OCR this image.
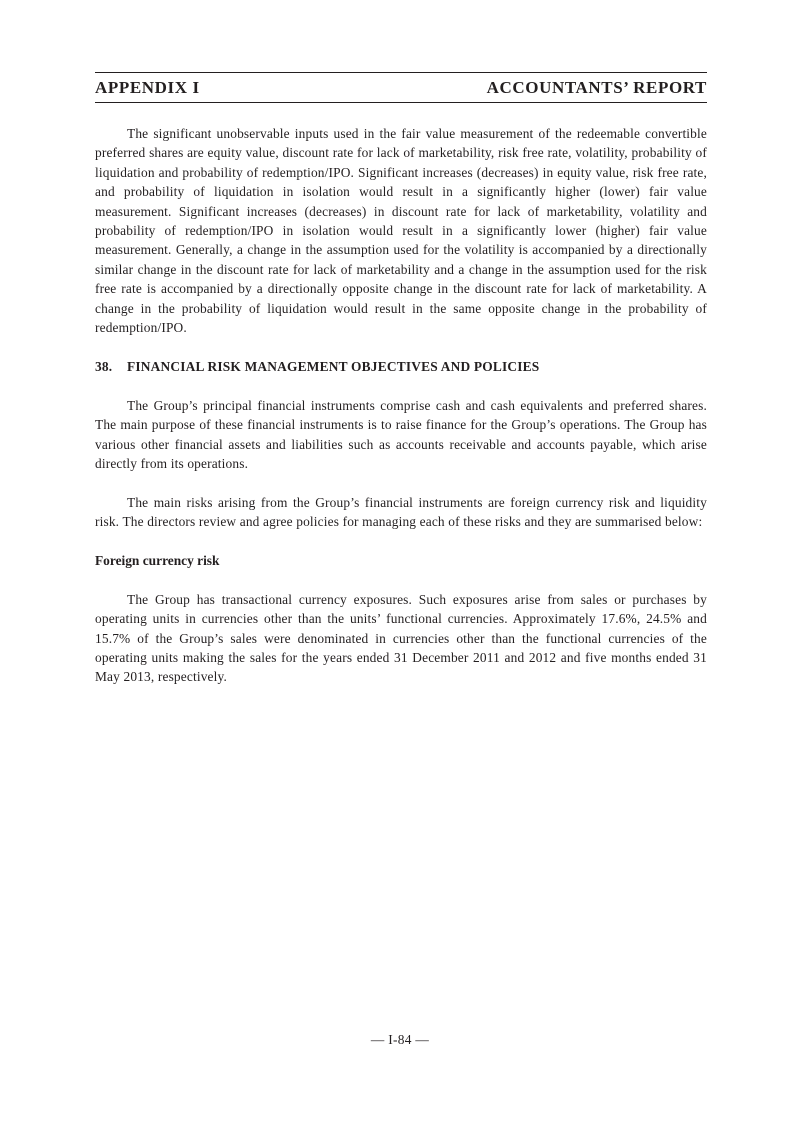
APPENDIX I	ACCOUNTANTS’ REPORT

The significant unobservable inputs used in the fair value measurement of the redeemable convertible preferred shares are equity value, discount rate for lack of marketability, risk free rate, volatility, probability of liquidation and probability of redemption/IPO. Significant increases (decreases) in equity value, risk free rate, and probability of liquidation in isolation would result in a significantly higher (lower) fair value measurement. Significant increases (decreases) in discount rate for lack of marketability, volatility and probability of redemption/IPO in isolation would result in a significantly lower (higher) fair value measurement. Generally, a change in the assumption used for the volatility is accompanied by a directionally similar change in the discount rate for lack of marketability and a change in the assumption used for the risk free rate is accompanied by a directionally opposite change in the discount rate for lack of marketability. A change in the probability of liquidation would result in the same opposite change in the probability of redemption/IPO.

38. FINANCIAL RISK MANAGEMENT OBJECTIVES AND POLICIES

The Group’s principal financial instruments comprise cash and cash equivalents and preferred shares. The main purpose of these financial instruments is to raise finance for the Group’s operations. The Group has various other financial assets and liabilities such as accounts receivable and accounts payable, which arise directly from its operations.

The main risks arising from the Group’s financial instruments are foreign currency risk and liquidity risk. The directors review and agree policies for managing each of these risks and they are summarised below:

Foreign currency risk

The Group has transactional currency exposures. Such exposures arise from sales or purchases by operating units in currencies other than the units’ functional currencies. Approximately 17.6%, 24.5% and 15.7% of the Group’s sales were denominated in currencies other than the functional currencies of the operating units making the sales for the years ended 31 December 2011 and 2012 and five months ended 31 May 2013, respectively.

— I-84 —
